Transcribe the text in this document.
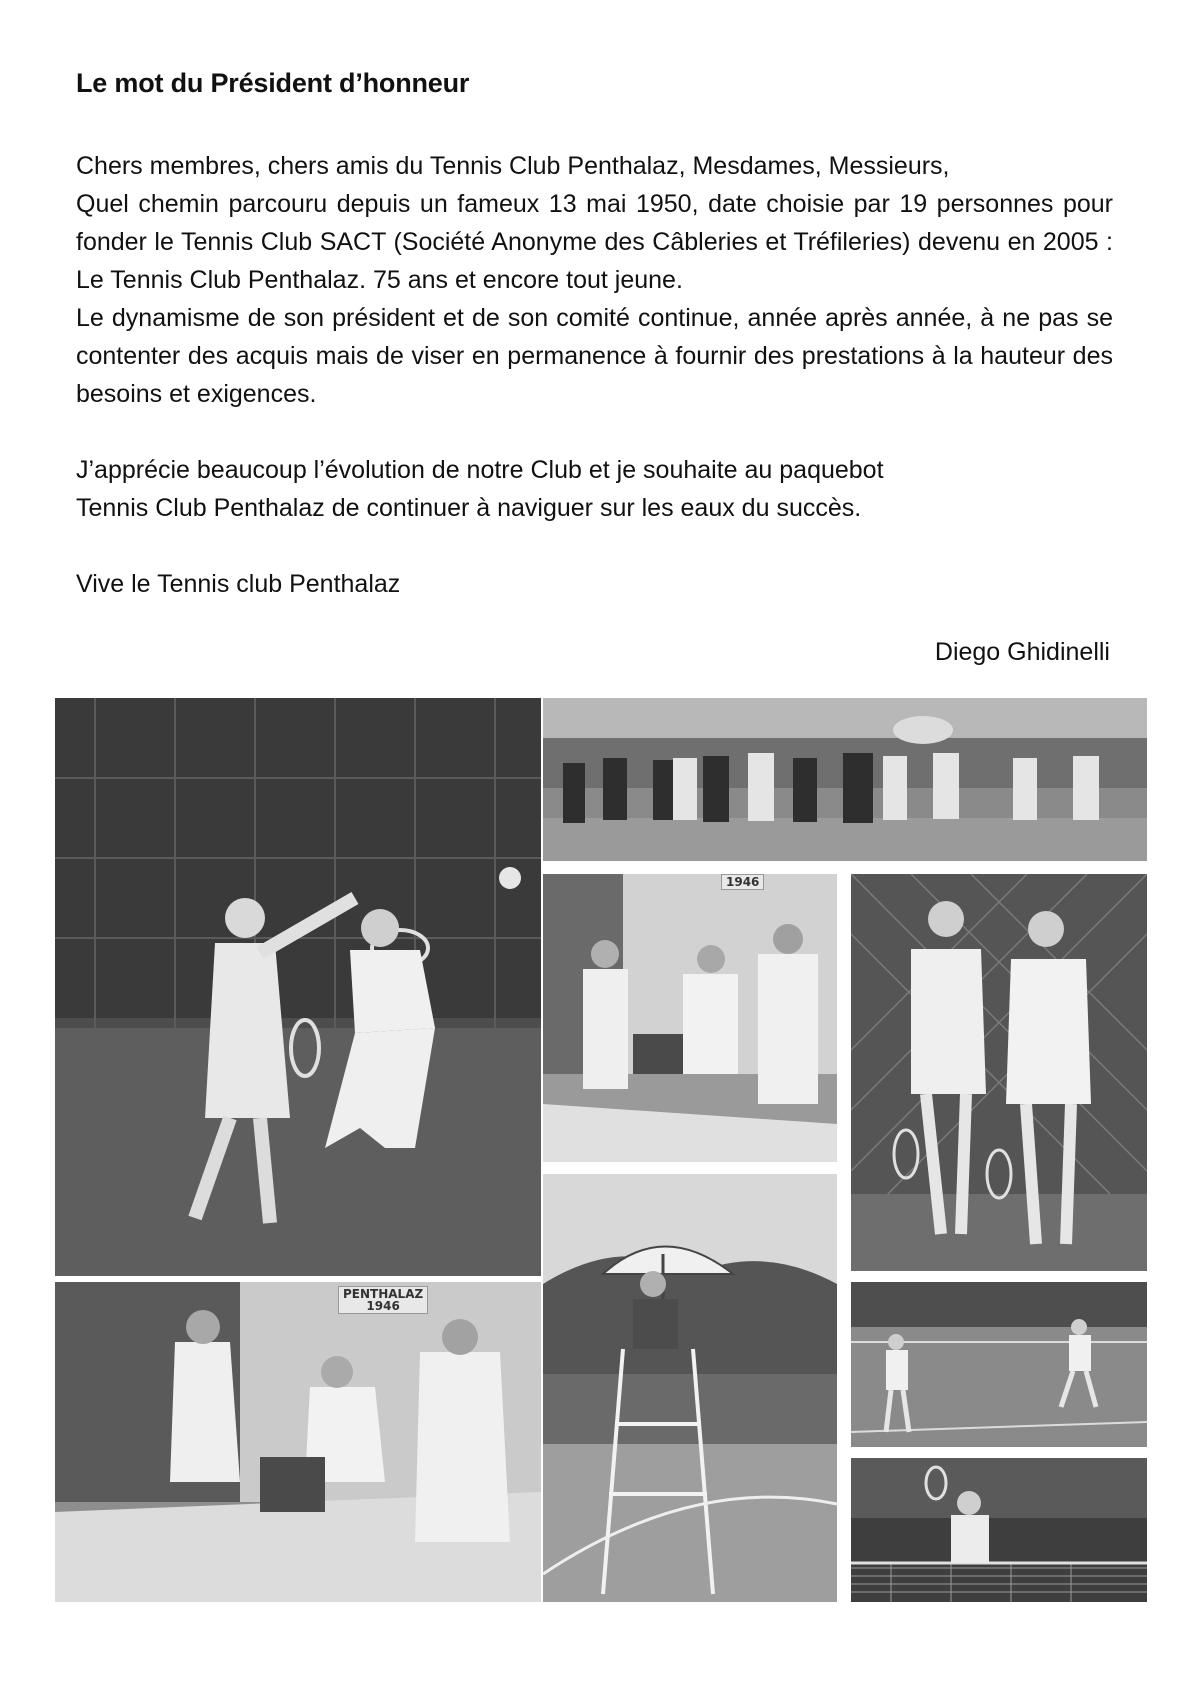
Le mot du Président d’honneur

Chers membres, chers amis du Tennis Club Penthalaz, Mesdames, Messieurs,

Quel chemin parcouru depuis un fameux 13 mai 1950, date choisie par 19 personnes pour fonder le Tennis Club SACT (Société Anonyme des Câbleries et Tréfileries) devenu en 2005 : Le Tennis Club Penthalaz. 75 ans et encore tout jeune.

Le dynamisme de son président et de son comité continue, année après année, à ne pas se contenter des acquis mais de viser en permanence à fournir des prestations à la hauteur des besoins et exigences.

J’apprécie beaucoup l’évolution de notre Club et je souhaite au paquebot

Tennis Club Penthalaz de continuer à naviguer sur les eaux du succès.

Vive le Tennis club Penthalaz

Diego Ghidinelli
1946
PENTHALAZ
1946
